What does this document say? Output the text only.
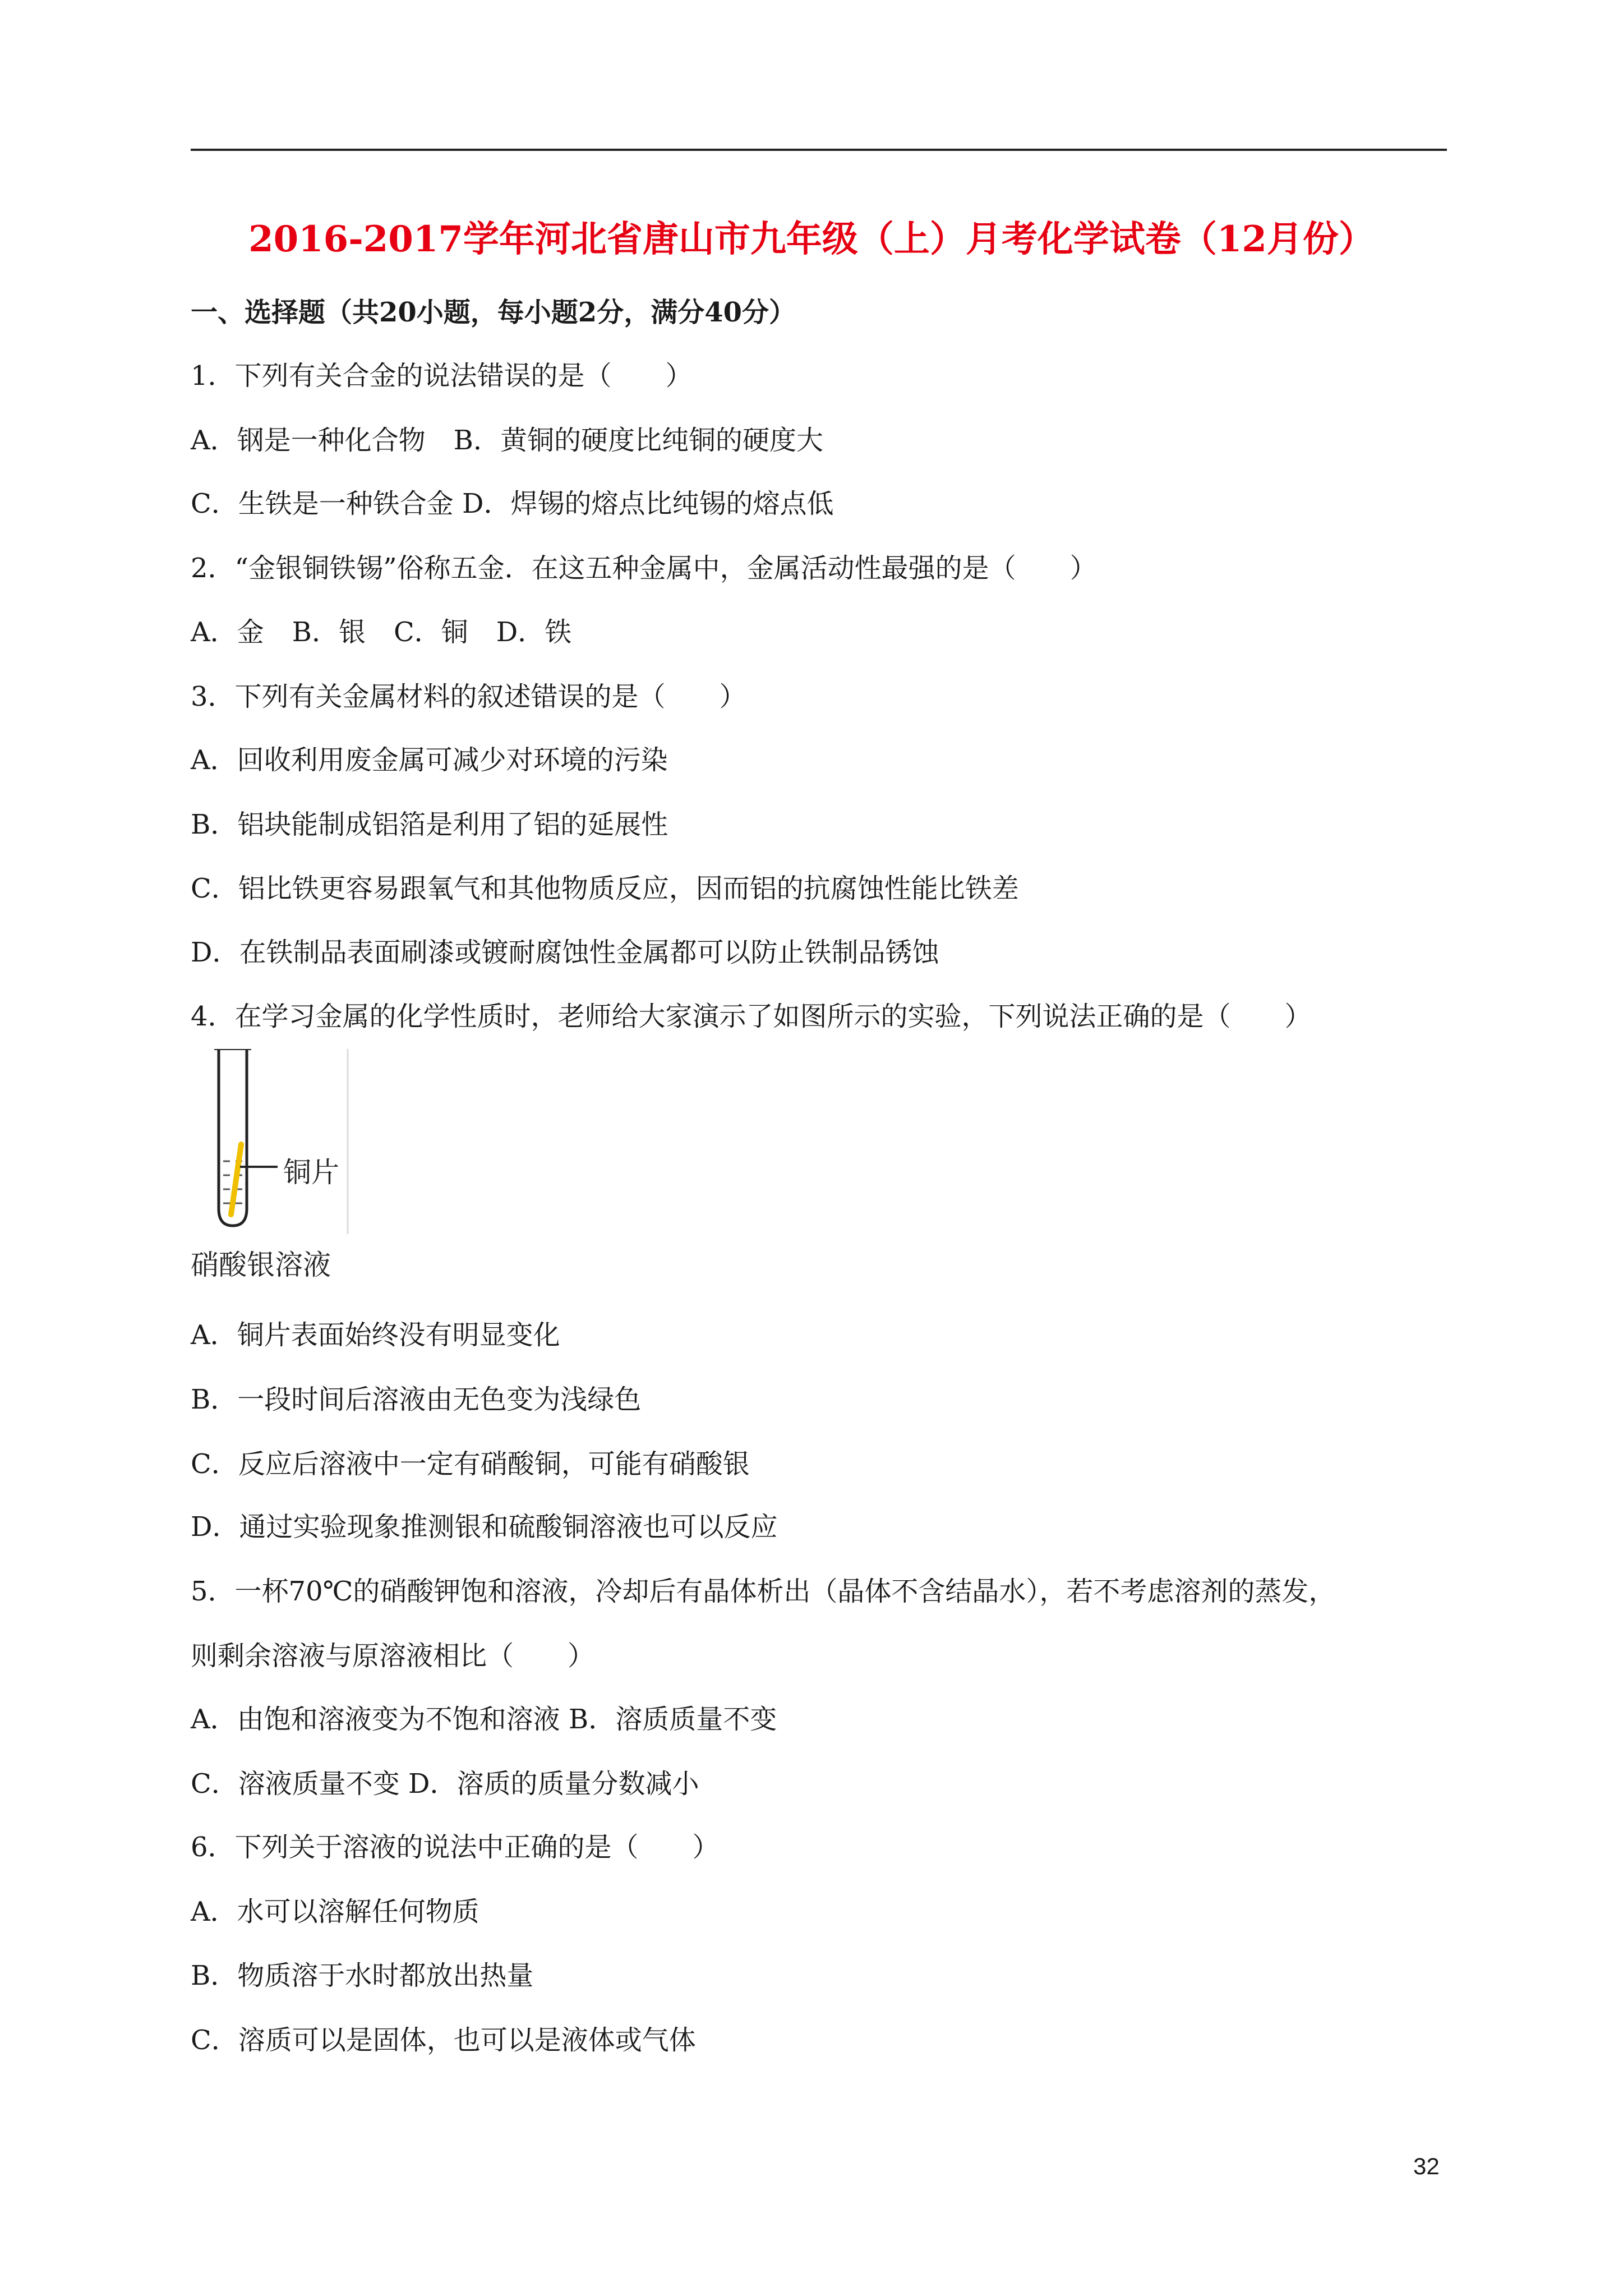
2016-2017学年河北省唐山市九年级（上）月考化学试卷（12月份）
一、选择题（共20小题，每小题2分，满分40分）
1．下列有关合金的说法错误的是（　　）
A．钢是一种化合物 B．黄铜的硬度比纯铜的硬度大
C．生铁是一种铁合金 D．焊锡的熔点比纯锡的熔点低
2．“金银铜铁锡”俗称五金．在这五种金属中，金属活动性最强的是（　　）
A．金 B．银 C．铜 D．铁
3．下列有关金属材料的叙述错误的是（　　）
A．回收利用废金属可减少对环境的污染
B．铝块能制成铝箔是利用了铝的延展性
C．铝比铁更容易跟氧气和其他物质反应，因而铝的抗腐蚀性能比铁差
D．在铁制品表面刷漆或镀耐腐蚀性金属都可以防止铁制品锈蚀
4．在学习金属的化学性质时，老师给大家演示了如图所示的实验，下列说法正确的是（　　）
铜片
硝酸银溶液
A．铜片表面始终没有明显变化
B．一段时间后溶液由无色变为浅绿色
C．反应后溶液中一定有硝酸铜，可能有硝酸银
D．通过实验现象推测银和硫酸铜溶液也可以反应
5．一杯70℃的硝酸钾饱和溶液，冷却后有晶体析出（晶体不含结晶水），若不考虑溶剂的蒸发，
则剩余溶液与原溶液相比（　　）
A．由饱和溶液变为不饱和溶液 B．溶质质量不变
C．溶液质量不变 D．溶质的质量分数减小
6．下列关于溶液的说法中正确的是（　　）
A．水可以溶解任何物质
B．物质溶于水时都放出热量
C．溶质可以是固体，也可以是液体或气体
32
